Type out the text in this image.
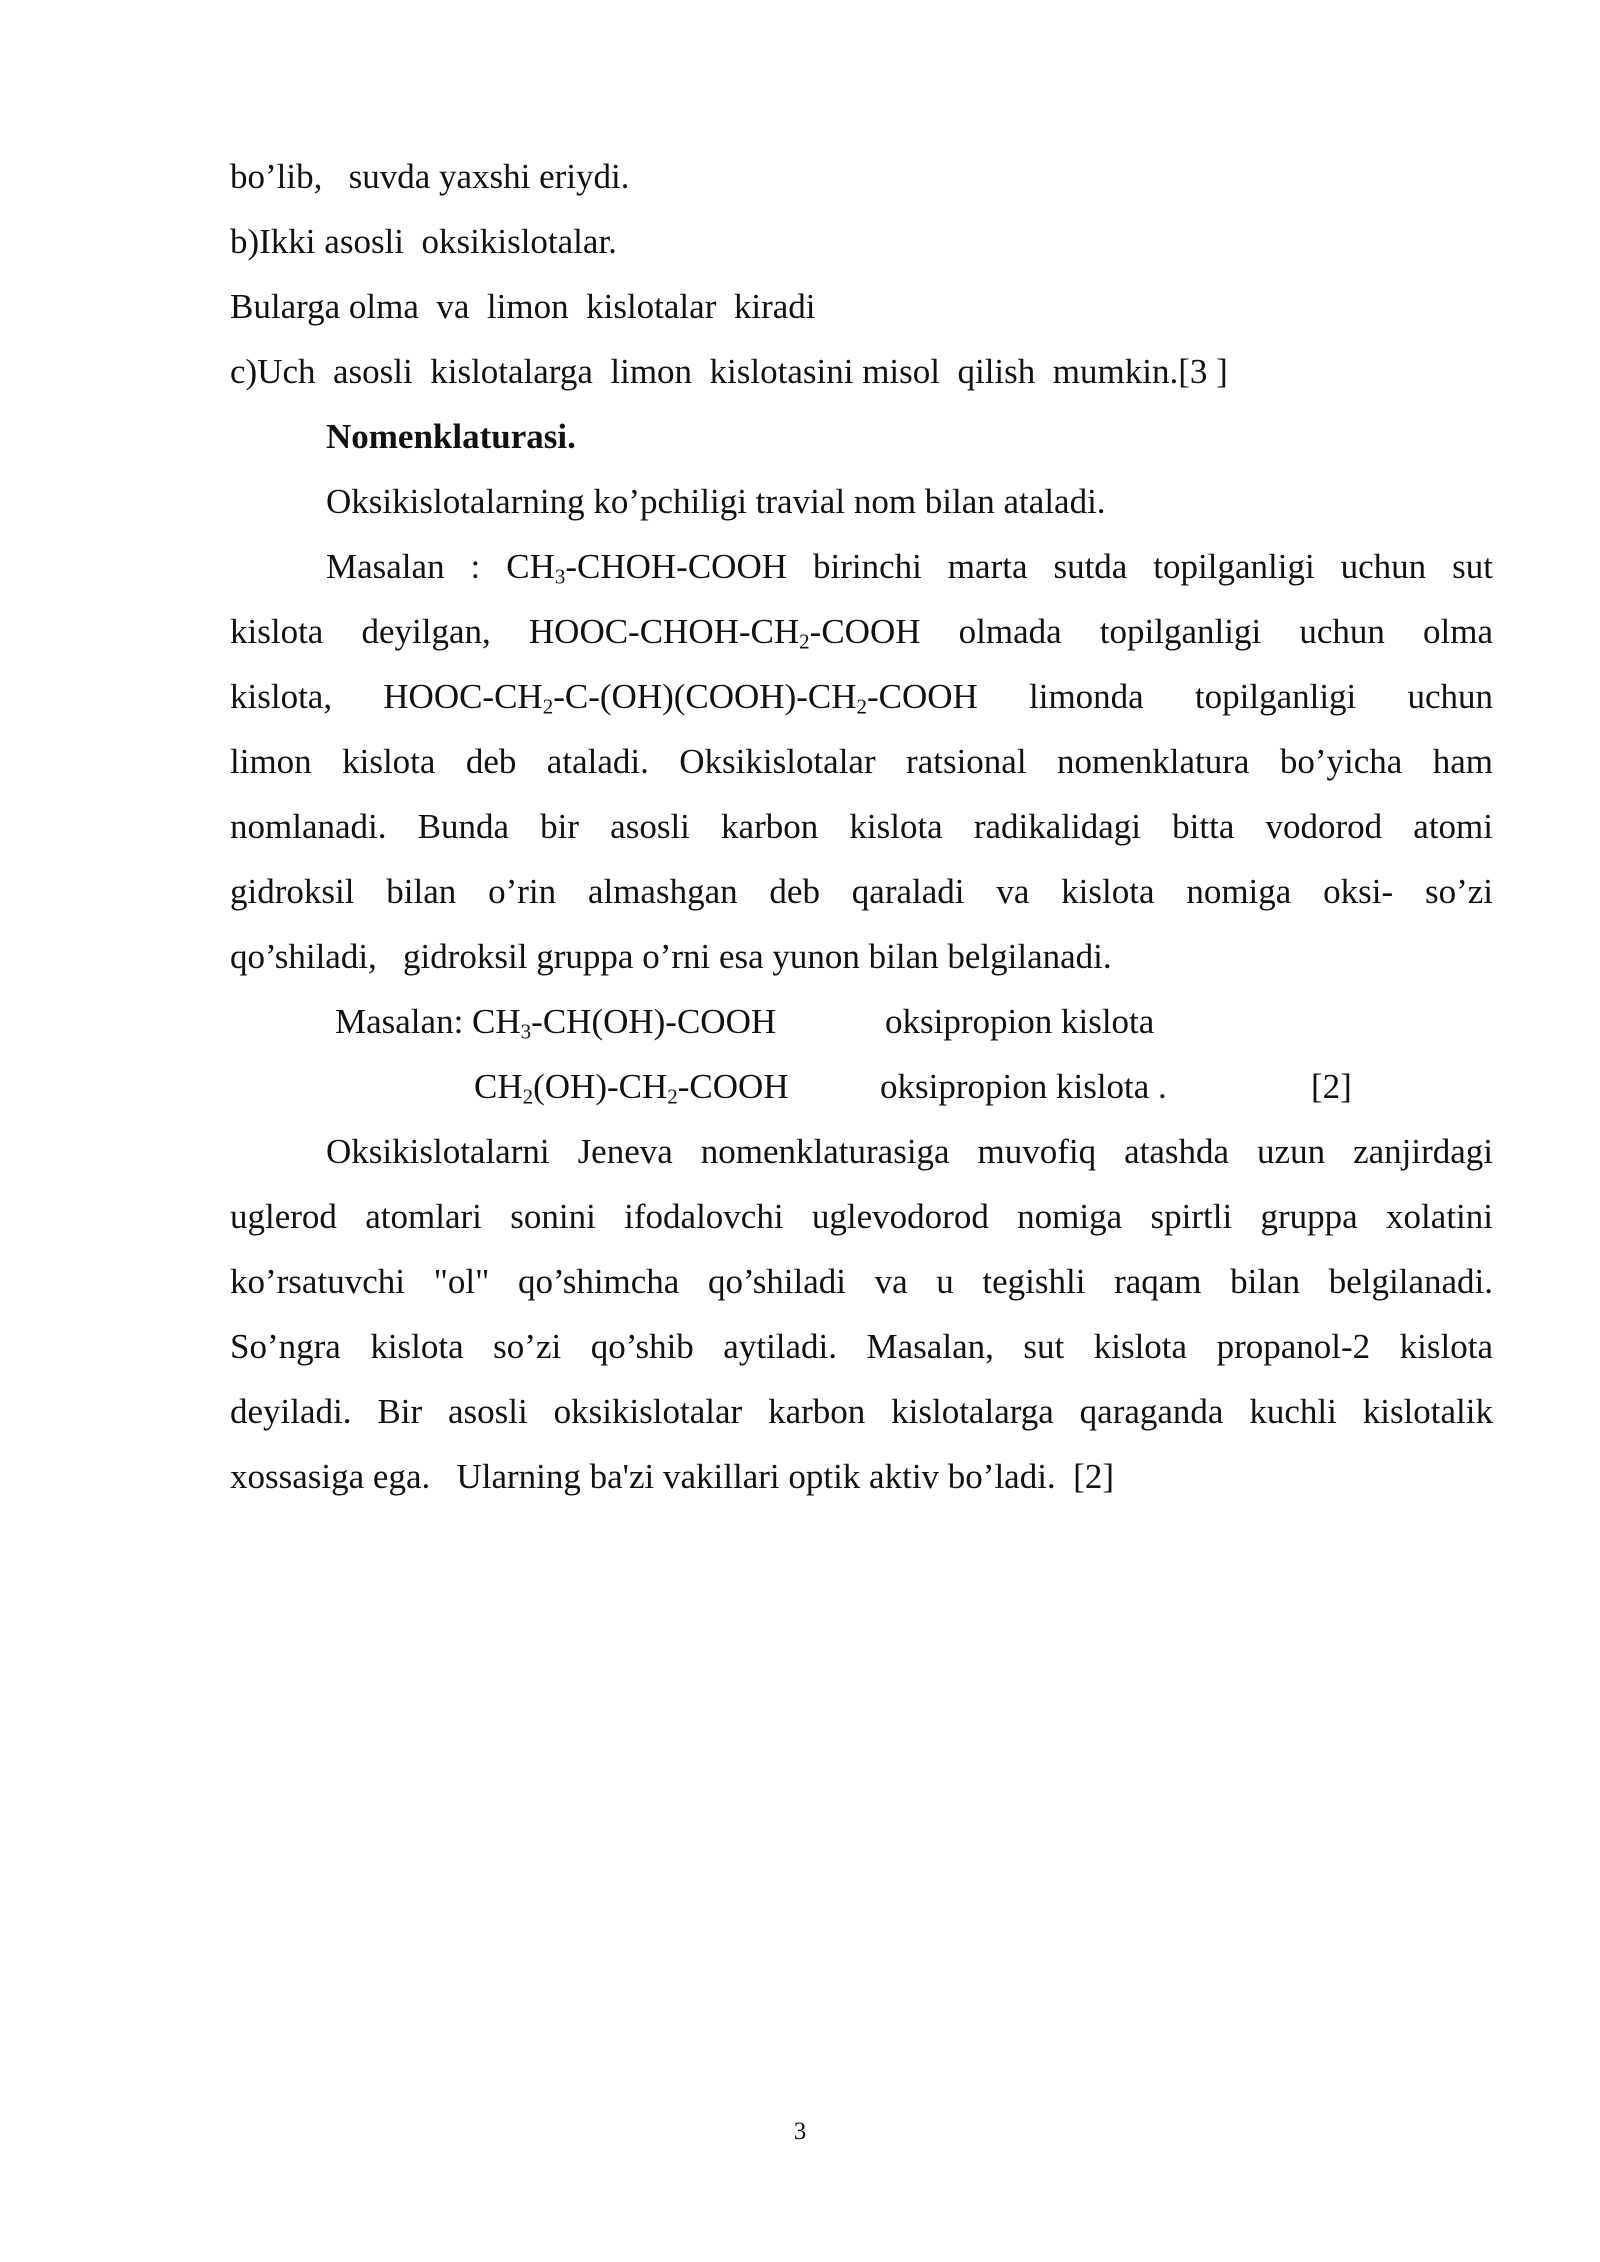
bo’lib,   suvda yaxshi eriydi.
b)Ikki asosli  oksikislotalar.
Bularga olma  va  limon  kislotalar  kiradi
c)Uch  asosli  kislotalarga  limon  kislotasini misol  qilish  mumkin.[3 ]
Nomenklaturasi.
Oksikislotalarning ko’pchiligi travial nom bilan ataladi.
Masalan : $CH_3-CHOH$-COOH birinchi marta sutda topilganligi uchun sut
kislota deyilgan, HOOC-$CHOH-CH_2$-COOH olmada topilganligi uchun olma
kislota, HOOC-$CH_2-C-(OH)(COOH)-CH_2$-COOH limonda topilganligi uchun
limon kislota deb ataladi. Oksikislotalar ratsional nomenklatura bo’yicha ham
nomlanadi. Bunda bir asosli karbon kislota radikalidagi bitta vodorod atomi
gidroksil bilan o’rin almashgan deb qaraladi va kislota nomiga oksi- so’zi
qo’shiladi,   gidroksil gruppa o’rni esa yunon bilan belgilanadi.
Masalan: $CH_3-CH(OH)$-COOH	oksipropion kislota
$CH_2(OH)-CH_2$-COOH	oksipropion kislota .	[2]
Oksikislotalarni Jeneva nomenklaturasiga muvofiq atashda uzun zanjirdagi
uglerod atomlari sonini ifodalovchi uglevodorod nomiga spirtli gruppa xolatini
ko’rsatuvchi "ol" qo’shimcha qo’shiladi va u tegishli raqam bilan belgilanadi.
So’ngra kislota so’zi qo’shib aytiladi. Masalan, sut kislota propanol-2 kislota
deyiladi. Bir asosli oksikislotalar karbon kislotalarga qaraganda kuchli kislotalik
xossasiga ega.   Ularning ba'zi vakillari optik aktiv bo’ladi.  [2]
3
